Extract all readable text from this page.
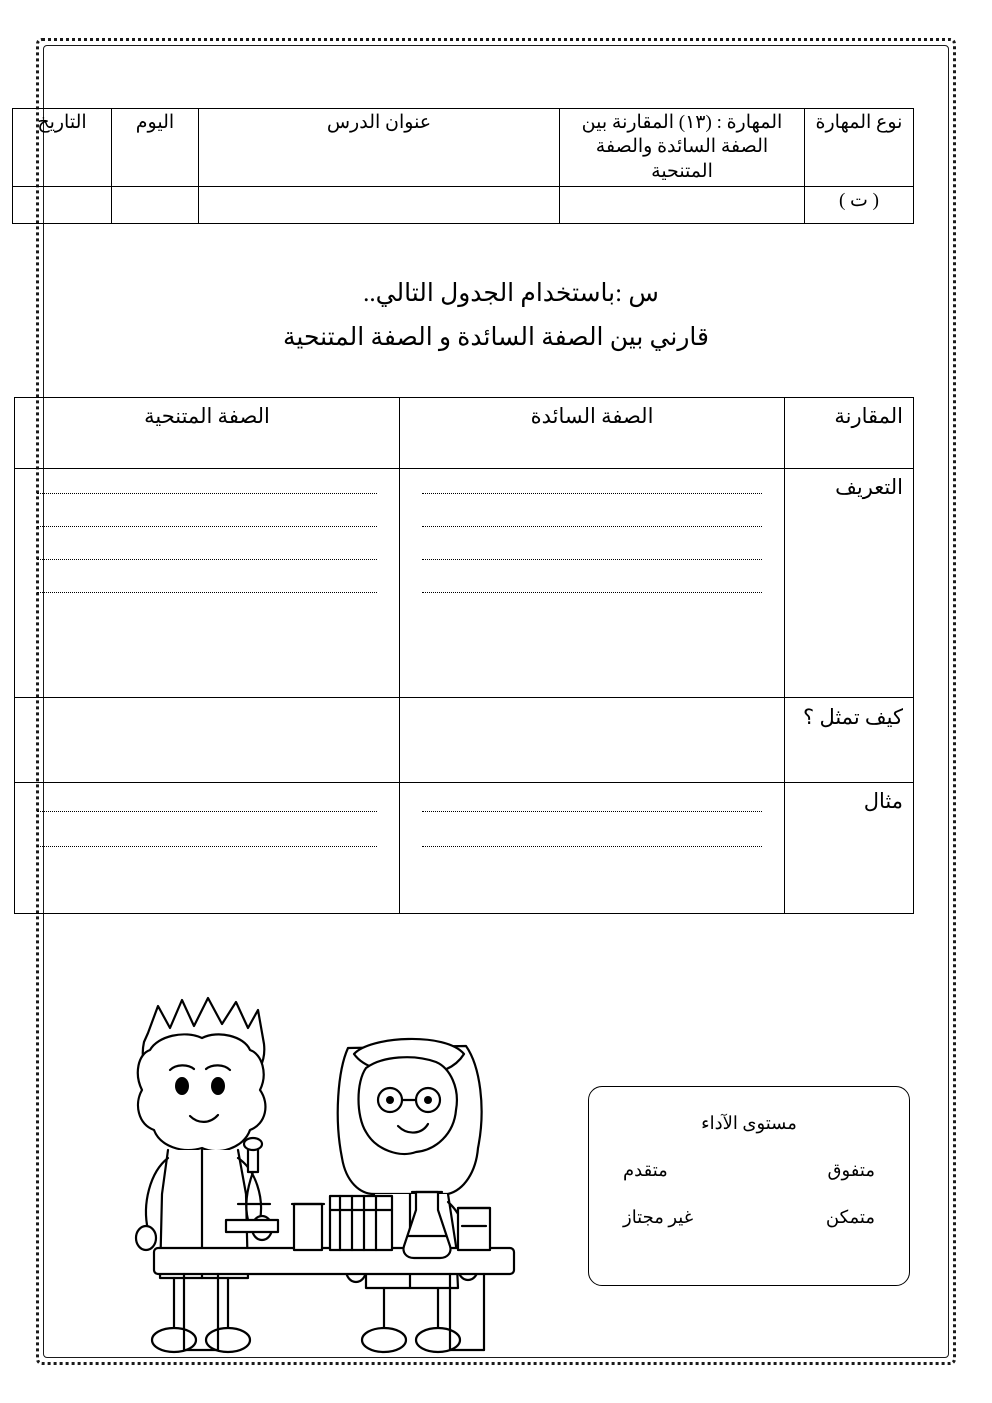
نوع المهارة	المهارة : (١٣) المقارنة بين الصفة السائدة والصفة المتنحية	عنوان الدرس	اليوم	التاريخ
( ت )				
س :باستخدام الجدول التالي..
قارني بين الصفة السائدة و الصفة المتنحية
المقارنة	الصفة السائدة	الصفة المتنحية
التعريف	

كيف تمثل ؟		
مثال	

مستوى الآداء
متفوق
متقدم
متمكن
غير مجتاز
